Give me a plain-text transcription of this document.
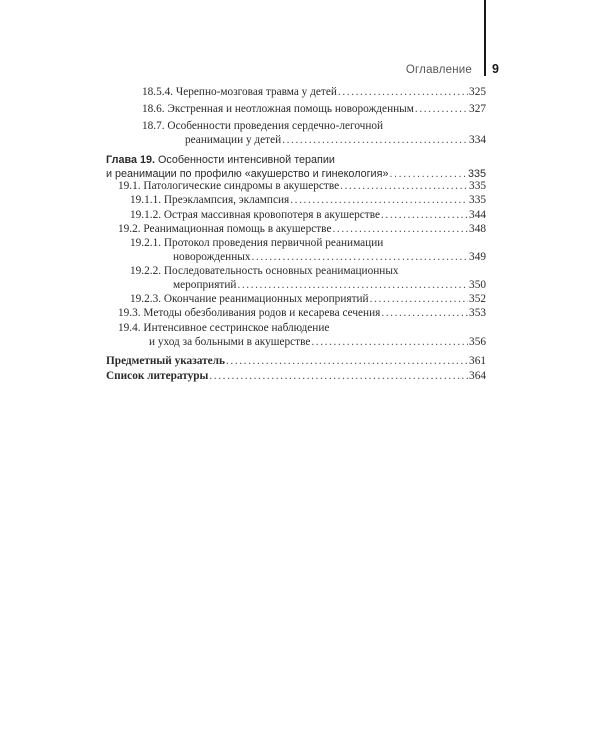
Оглавление 9
18.5.4. Черепно-мозговая травма у детей .....	325
18.6. Экстренная и неотложная помощь новорожденным .....	327
18.7. Особенности проведения сердечно-легочной
реанимации у детей .....	334
Глава 19. Особенности интенсивной терапии
и реанимации по профилю «акушерство и гинекология» .....	335
19.1. Патологические синдромы в акушерстве .....	335
19.1.1. Преэклампсия, эклампсия .....	335
19.1.2. Острая массивная кровопотеря в акушерстве .....	344
19.2. Реанимационная помощь в акушерстве .....	348
19.2.1. Протокол проведения первичной реанимации
новорожденных .....	349
19.2.2. Последовательность основных реанимационных
мероприятий .....	350
19.2.3. Окончание реанимационных мероприятий .....	352
19.3. Методы обезболивания родов и кесарева сечения .....	353
19.4. Интенсивное сестринское наблюдение
и уход за больными в акушерстве .....	356
Предметный указатель .....	361
Список литературы .....	364
